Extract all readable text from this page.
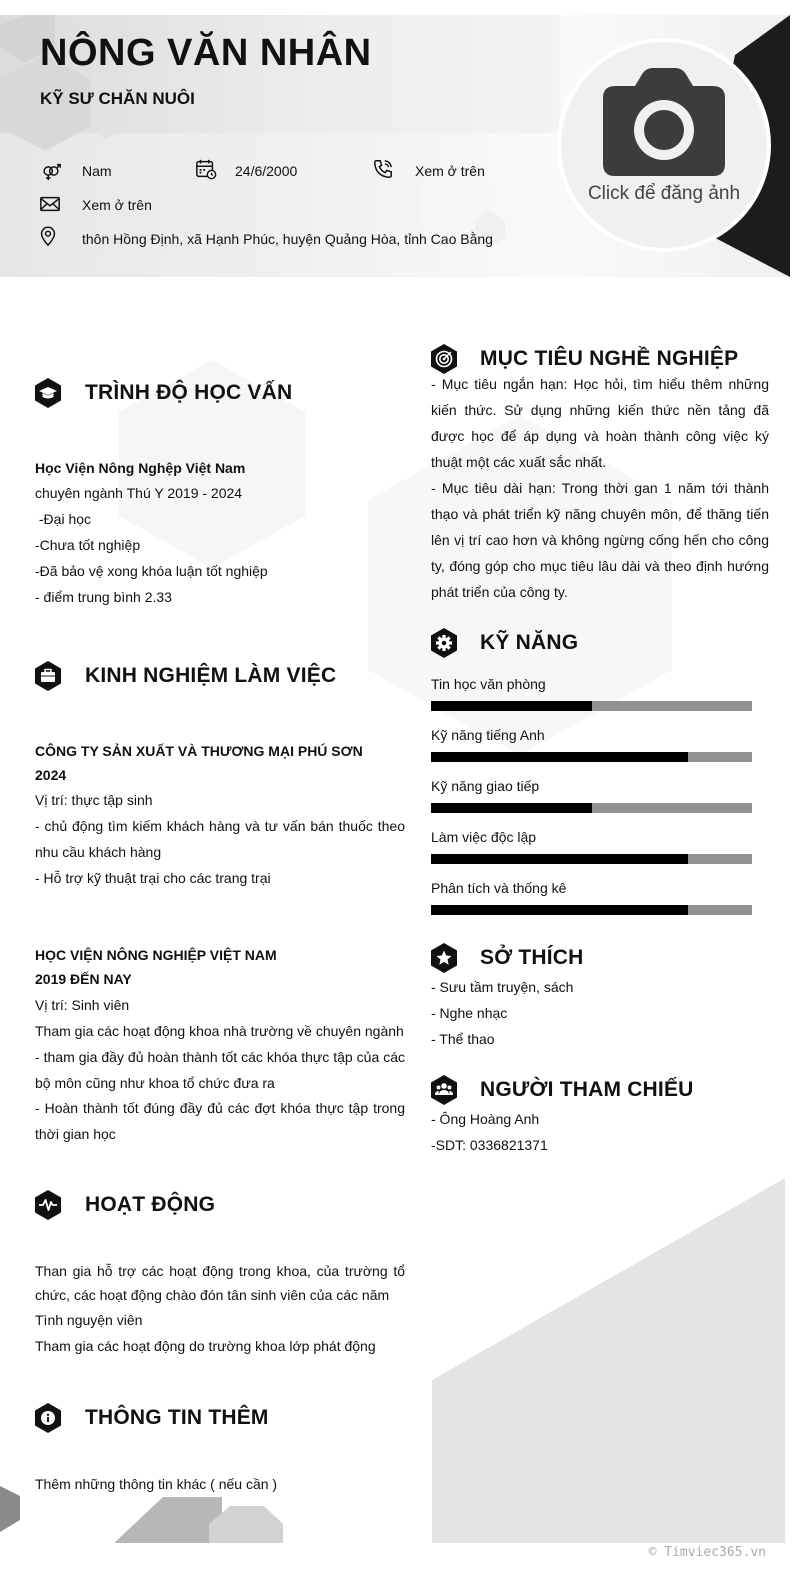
NÔNG VĂN NHÂN
KỸ SƯ CHĂN NUÔI
Nam	24/6/2000	Xem ở trên
Xem ở trên
thôn Hồng Định, xã Hạnh Phúc, huyện Quảng Hòa, tỉnh Cao Bằng
Click để đăng ảnh
TRÌNH ĐỘ HỌC VẤN
Học Viện Nông Nghệp Việt Nam
chuyên ngành Thú Y 2019 - 2024
-Đại học
-Chưa tốt nghiệp
-Đã bảo vệ xong khóa luận tốt nghiệp
- điểm trung bình 2.33
KINH NGHIỆM LÀM VIỆC
CÔNG TY SẢN XUẤT VÀ THƯƠNG MẠI PHÚ SƠN
2024
Vị trí: thực tập sinh
- chủ động tìm kiếm khách hàng và tư vấn bán thuốc theo nhu cầu khách hàng
- Hỗ trợ kỹ thuật trại cho các trang trại
HỌC VIỆN NÔNG NGHIỆP VIỆT NAM
2019 ĐẾN NAY
Vị trí: Sinh viên
Tham gia các hoạt động khoa nhà trường về chuyên ngành
- tham gia đầy đủ hoàn thành tốt các khóa thực tập của các bộ môn cũng như khoa tổ chức đưa ra
- Hoàn thành tốt đúng đầy đủ các đợt khóa thực tập trong thời gian học
HOẠT ĐỘNG
Than gia hỗ trợ các hoạt động trong khoa, của trường tổ chức, các hoạt động chào đón tân sinh viên của các năm
Tình nguyện viên
Tham gia các hoạt động do trường khoa lớp phát động
THÔNG TIN THÊM
Thêm những thông tin khác ( nếu cần )
MỤC TIÊU NGHỀ NGHIỆP
- Mục tiêu ngắn hạn: Học hỏi, tìm hiểu thêm những kiến thức. Sử dụng những kiến thức nền tảng đã được học để áp dụng và hoàn thành công việc ký thuật một các xuất sắc nhất.
- Mục tiêu dài hạn: Trong thời gan 1 năm tới thành thạo và phát triển kỹ năng chuyên môn, để thăng tiến lên vị trí cao hơn và không ngừng cống hến cho công ty, đóng góp cho mục tiêu lâu dài và theo định hướng phát triển của công ty.
KỸ NĂNG
Tin học văn phòng
Kỹ năng tiếng Anh
Kỹ năng giao tiếp
Làm việc độc lập
Phân tích và thống kê
SỞ THÍCH
- Sưu tầm truyện, sách
- Nghe nhạc
- Thể thao
NGƯỜI THAM CHIẾU
- Ông Hoàng Anh
-SDT: 0336821371
© Timviec365.vn
